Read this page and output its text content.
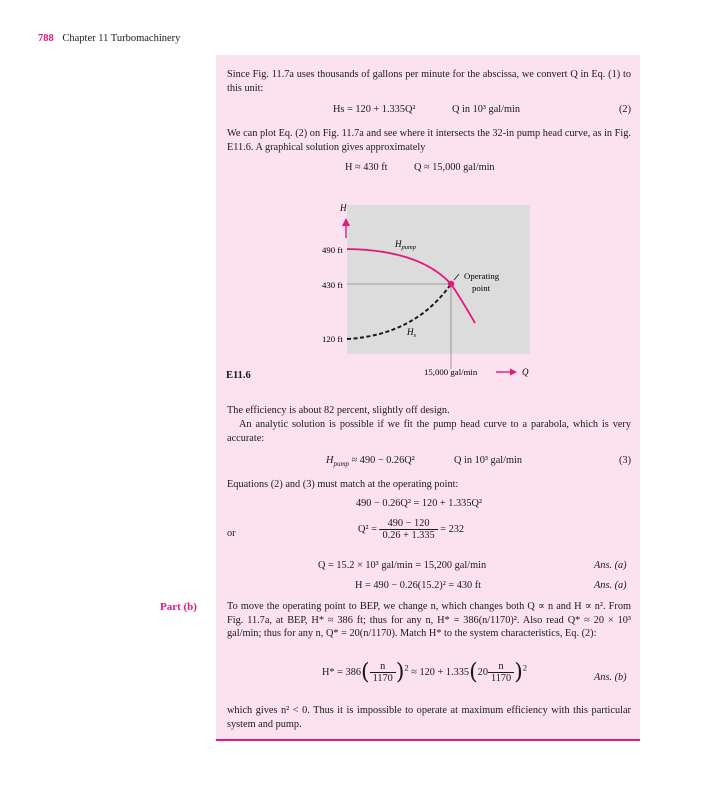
788 Chapter 11 Turbomachinery
Since Fig. 11.7a uses thousands of gallons per minute for the abscissa, we convert Q in Eq. (1) to this unit:
Hs = 120 + 1.335Q²	Q in 10³ gal/min	(2)
We can plot Eq. (2) on Fig. 11.7a and see where it intersects the 32-in pump head curve, as in Fig. E11.6. A graphical solution gives approximately
H ≈ 430 ft	Q ≈ 15,000 gal/min
H
490 ft
430 ft
120 ft
$H_{pump}$
$H_s$
Operating
point
15,000 gal/min	Q
E11.6
The efficiency is about 82 percent, slightly off design.
An analytic solution is possible if we fit the pump head curve to a parabola, which is very accurate:
$H_{pump} \approx 490 - 0.26Q^2$	Q in 10³ gal/min	(3)
Equations (2) and (3) must match at the operating point:
490 − 0.26Q² = 120 + 1.335Q²
or	$Q^2 = \frac{490 - 120}{0.26 + 1.335} = 232$
Q = 15.2 × 10³ gal/min = 15,200 gal/min	Ans. (a)
H = 490 − 0.26(15.2)² = 430 ft	Ans. (a)
Part (b)	To move the operating point to BEP, we change n, which changes both Q ∝ n and H ∝ n². From Fig. 11.7a, at BEP, H* ≈ 386 ft; thus for any n, H* = 386(n/1170)². Also read Q* ≈ 20 × 10³ gal/min; thus for any n, Q* = 20(n/1170). Match H* to the system characteristics, Eq. (2):
$H* = 386( \frac{n}{1170} )^2 \approx 120 + 1.335(20 \frac{n}{1170} )^2$
Ans. (b)
which gives n² < 0. Thus it is impossible to operate at maximum efficiency with this particular system and pump.
